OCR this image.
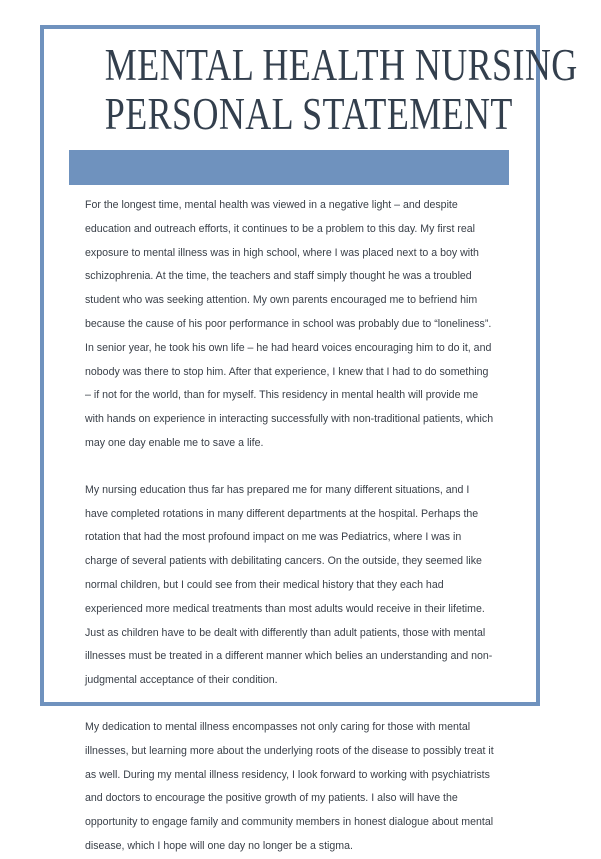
MENTAL HEALTH NURSING
PERSONAL STATEMENT

For the longest time, mental health was viewed in a negative light – and despite education and outreach efforts, it continues to be a problem to this day. My first real exposure to mental illness was in high school, where I was placed next to a boy with schizophrenia. At the time, the teachers and staff simply thought he was a troubled student who was seeking attention. My own parents encouraged me to befriend him because the cause of his poor performance in school was probably due to “loneliness”. In senior year, he took his own life – he had heard voices encouraging him to do it, and nobody was there to stop him. After that experience, I knew that I had to do something – if not for the world, than for myself. This residency in mental health will provide me with hands on experience in interacting successfully with non-traditional patients, which may one day enable me to save a life.

My nursing education thus far has prepared me for many different situations, and I have completed rotations in many different departments at the hospital. Perhaps the rotation that had the most profound impact on me was Pediatrics, where I was in charge of several patients with debilitating cancers. On the outside, they seemed like normal children, but I could see from their medical history that they each had experienced more medical treatments than most adults would receive in their lifetime. Just as children have to be dealt with differently than adult patients, those with mental illnesses must be treated in a different manner which belies an understanding and non-judgmental acceptance of their condition.

My dedication to mental illness encompasses not only caring for those with mental illnesses, but learning more about the underlying roots of the disease to possibly treat it as well. During my mental illness residency, I look forward to working with psychiatrists and doctors to encourage the positive growth of my patients. I also will have the opportunity to engage family and community members in honest dialogue about mental disease, which I hope will one day no longer be a stigma.
